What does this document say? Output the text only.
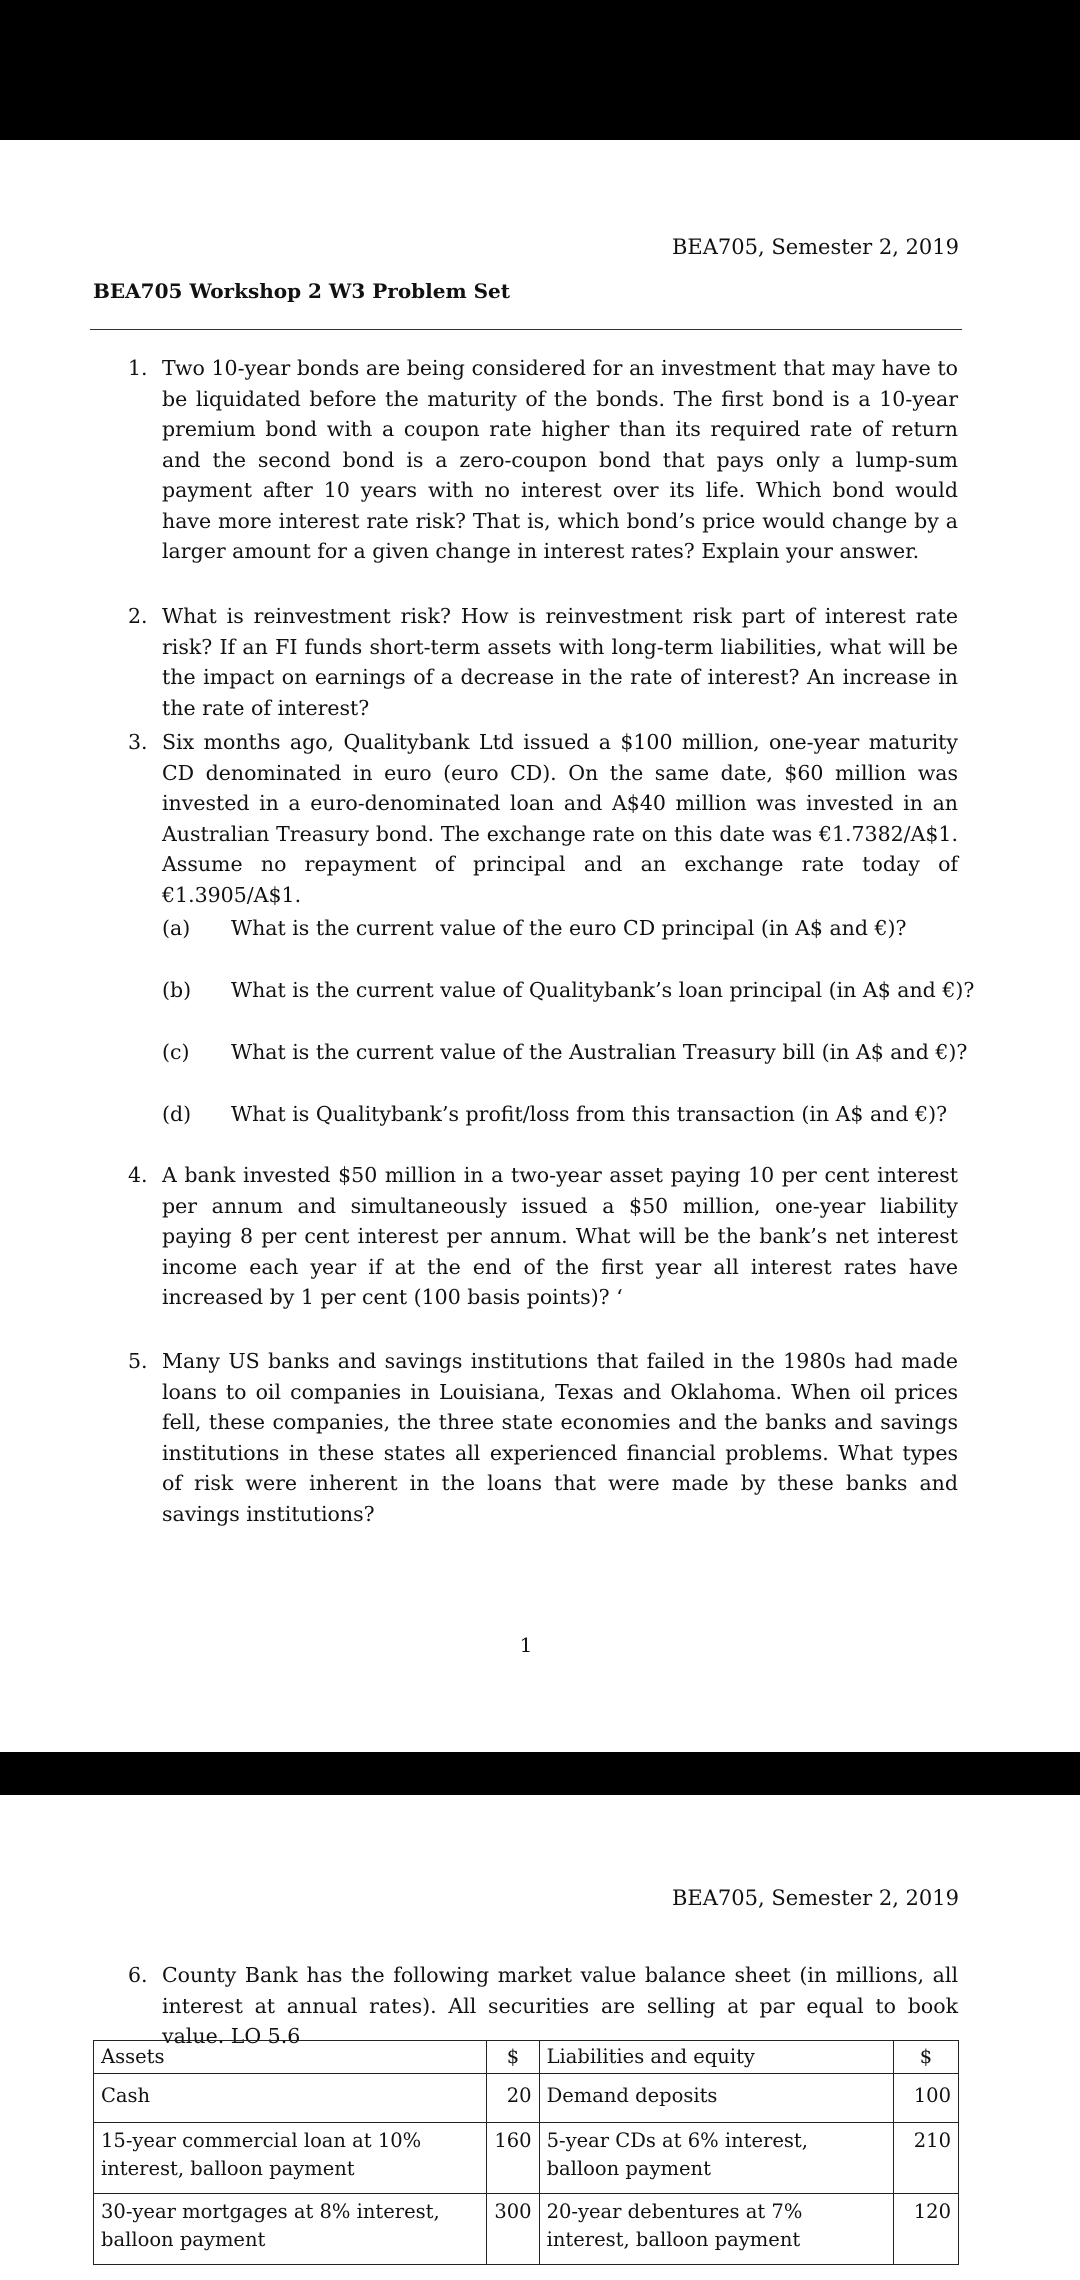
BEA705, Semester 2, 2019
BEA705 Workshop 2 W3 Problem Set
1. Two 10-year bonds are being considered for an investment that may have to be liquidated before the maturity of the bonds. The first bond is a 10-year premium bond with a coupon rate higher than its required rate of return and the second bond is a zero-coupon bond that pays only a lump-sum payment after 10 years with no interest over its life. Which bond would have more interest rate risk? That is, which bond’s price would change by a larger amount for a given change in interest rates? Explain your answer.
2. What is reinvestment risk? How is reinvestment risk part of interest rate risk? If an FI funds short-term assets with long-term liabilities, what will be the impact on earnings of a decrease in the rate of interest? An increase in the rate of interest?
3. Six months ago, Qualitybank Ltd issued a $100 million, one-year maturity CD denominated in euro (euro CD). On the same date, $60 million was invested in a euro-denominated loan and A$40 million was invested in an Australian Treasury bond. The exchange rate on this date was €1.7382/A$1. Assume no repayment of principal and an exchange rate today of €1.3905/A$1.
(a) What is the current value of the euro CD principal (in A$ and €)?
(b) What is the current value of Qualitybank’s loan principal (in A$ and €)?
(c) What is the current value of the Australian Treasury bill (in A$ and €)?
(d) What is Qualitybank’s profit/loss from this transaction (in A$ and €)?
4. A bank invested $50 million in a two-year asset paying 10 per cent interest per annum and simultaneously issued a $50 million, one-year liability paying 8 per cent interest per annum. What will be the bank’s net interest income each year if at the end of the first year all interest rates have increased by 1 per cent (100 basis points)? ‘
5. Many US banks and savings institutions that failed in the 1980s had made loans to oil companies in Louisiana, Texas and Oklahoma. When oil prices fell, these companies, the three state economies and the banks and savings institutions in these states all experienced financial problems. What types of risk were inherent in the loans that were made by these banks and savings institutions?
1
BEA705, Semester 2, 2019
6. County Bank has the following market value balance sheet (in millions, all interest at annual rates). All securities are selling at par equal to book value. LO 5.6
Assets	$	Liabilities and equity	$
Cash	20	Demand deposits	100
15-year commercial loan at 10% interest, balloon payment	160	5-year CDs at 6% interest, balloon payment	210
30-year mortgages at 8% interest, balloon payment	300	20-year debentures at 7% interest, balloon payment	120
